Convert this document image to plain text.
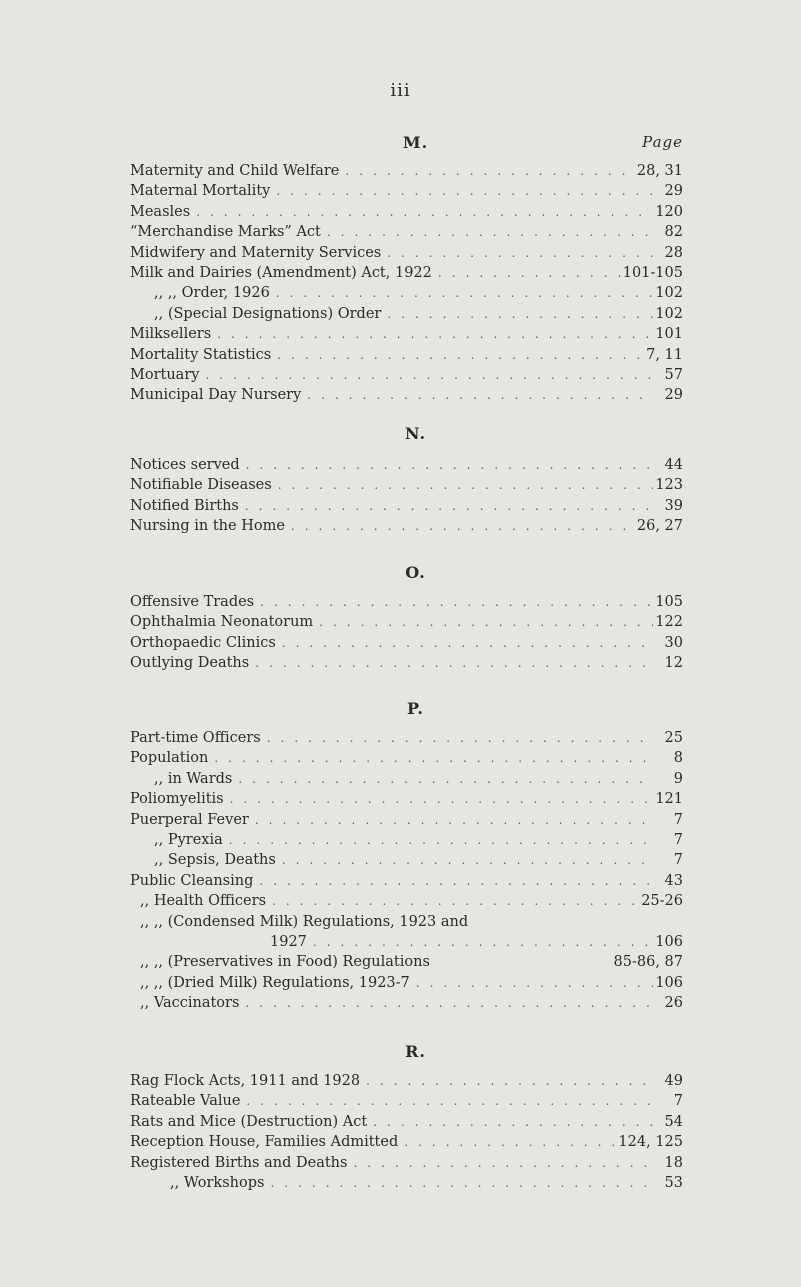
iii
M.	Page
Maternity and Child Welfare .....	28, 31
Maternal Mortality .....	29
Measles .....	120
“Merchandise Marks” Act .....	82
Midwifery and Maternity Services .....	28
Milk and Dairies (Amendment) Act, 1922 .....	101-105
,, ,, Order, 1926 .....	102
,, (Special Designations) Order .....	102
Milksellers .....	101
Mortality Statistics .....	7, 11
Mortuary .....	57
Municipal Day Nursery .....	29
N.
Notices served .....	44
Notifiable Diseases .....	123
Notified Births .....	39
Nursing in the Home .....	26, 27
O.
Offensive Trades .....	105
Ophthalmia Neonatorum .....	122
Orthopaedic Clinics .....	30
Outlying Deaths .....	12
P.
Part-time Officers .....	25
Population .....	8
,, in Wards .....	9
Poliomyelitis .....	121
Puerperal Fever .....	7
,, Pyrexia .....	7
,, Sepsis, Deaths .....	7
Public Cleansing .....	43
,, Health Officers .....	25-26
,, ,, (Condensed Milk) Regulations, 1923 and
1927 .....	106
,, ,, (Preservatives in Food) Regulations	85-86, 87
,, ,, (Dried Milk) Regulations, 1923-7 .....	106
,, Vaccinators .....	26
R.
Rag Flock Acts, 1911 and 1928 .....	49
Rateable Value .....	7
Rats and Mice (Destruction) Act .....	54
Reception House, Families Admitted .....	124, 125
Registered Births and Deaths .....	18
,, Workshops .....	53
